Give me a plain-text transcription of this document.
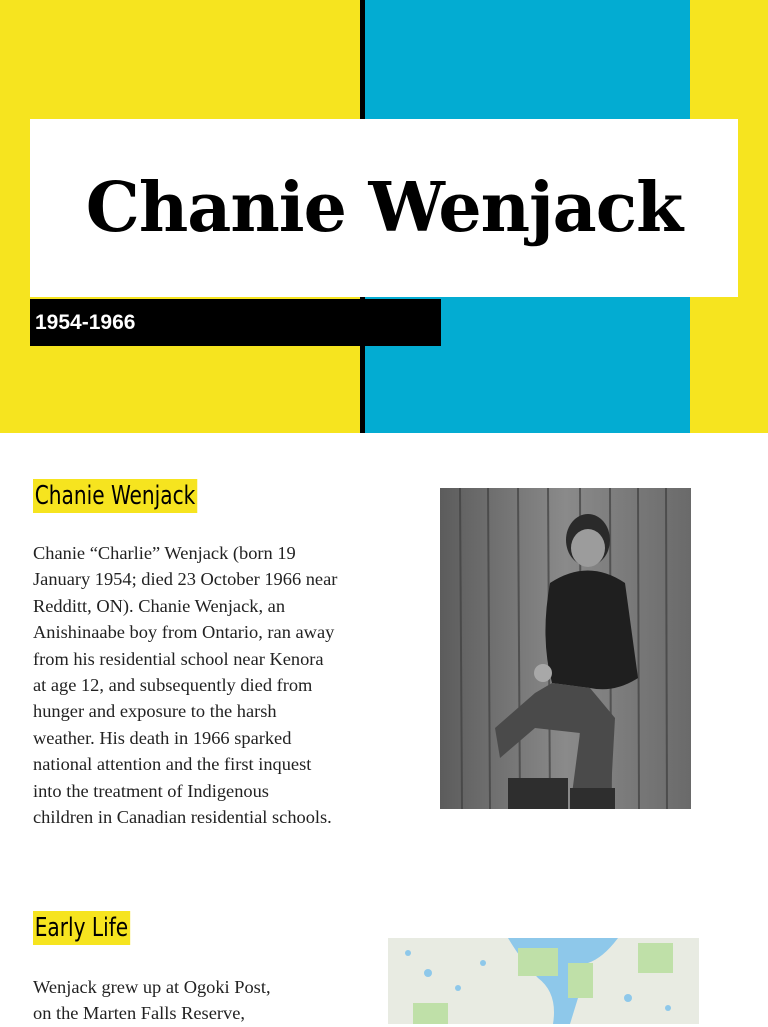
Chanie Wenjack
1954-1966
Chanie Wenjack
Chanie “Charlie” Wenjack (born 19
January 1954; died 23 October 1966 near
Redditt, ON). Chanie Wenjack, an
Anishinaabe boy from Ontario, ran away
from his residential school near Kenora
at age 12, and subsequently died from
hunger and exposure to the harsh
weather. His death in 1966 sparked
national attention and the first inquest
into the treatment of Indigenous
children in Canadian residential schools.
Early Life
Wenjack grew up at Ogoki Post,
on the Marten Falls Reserve,
